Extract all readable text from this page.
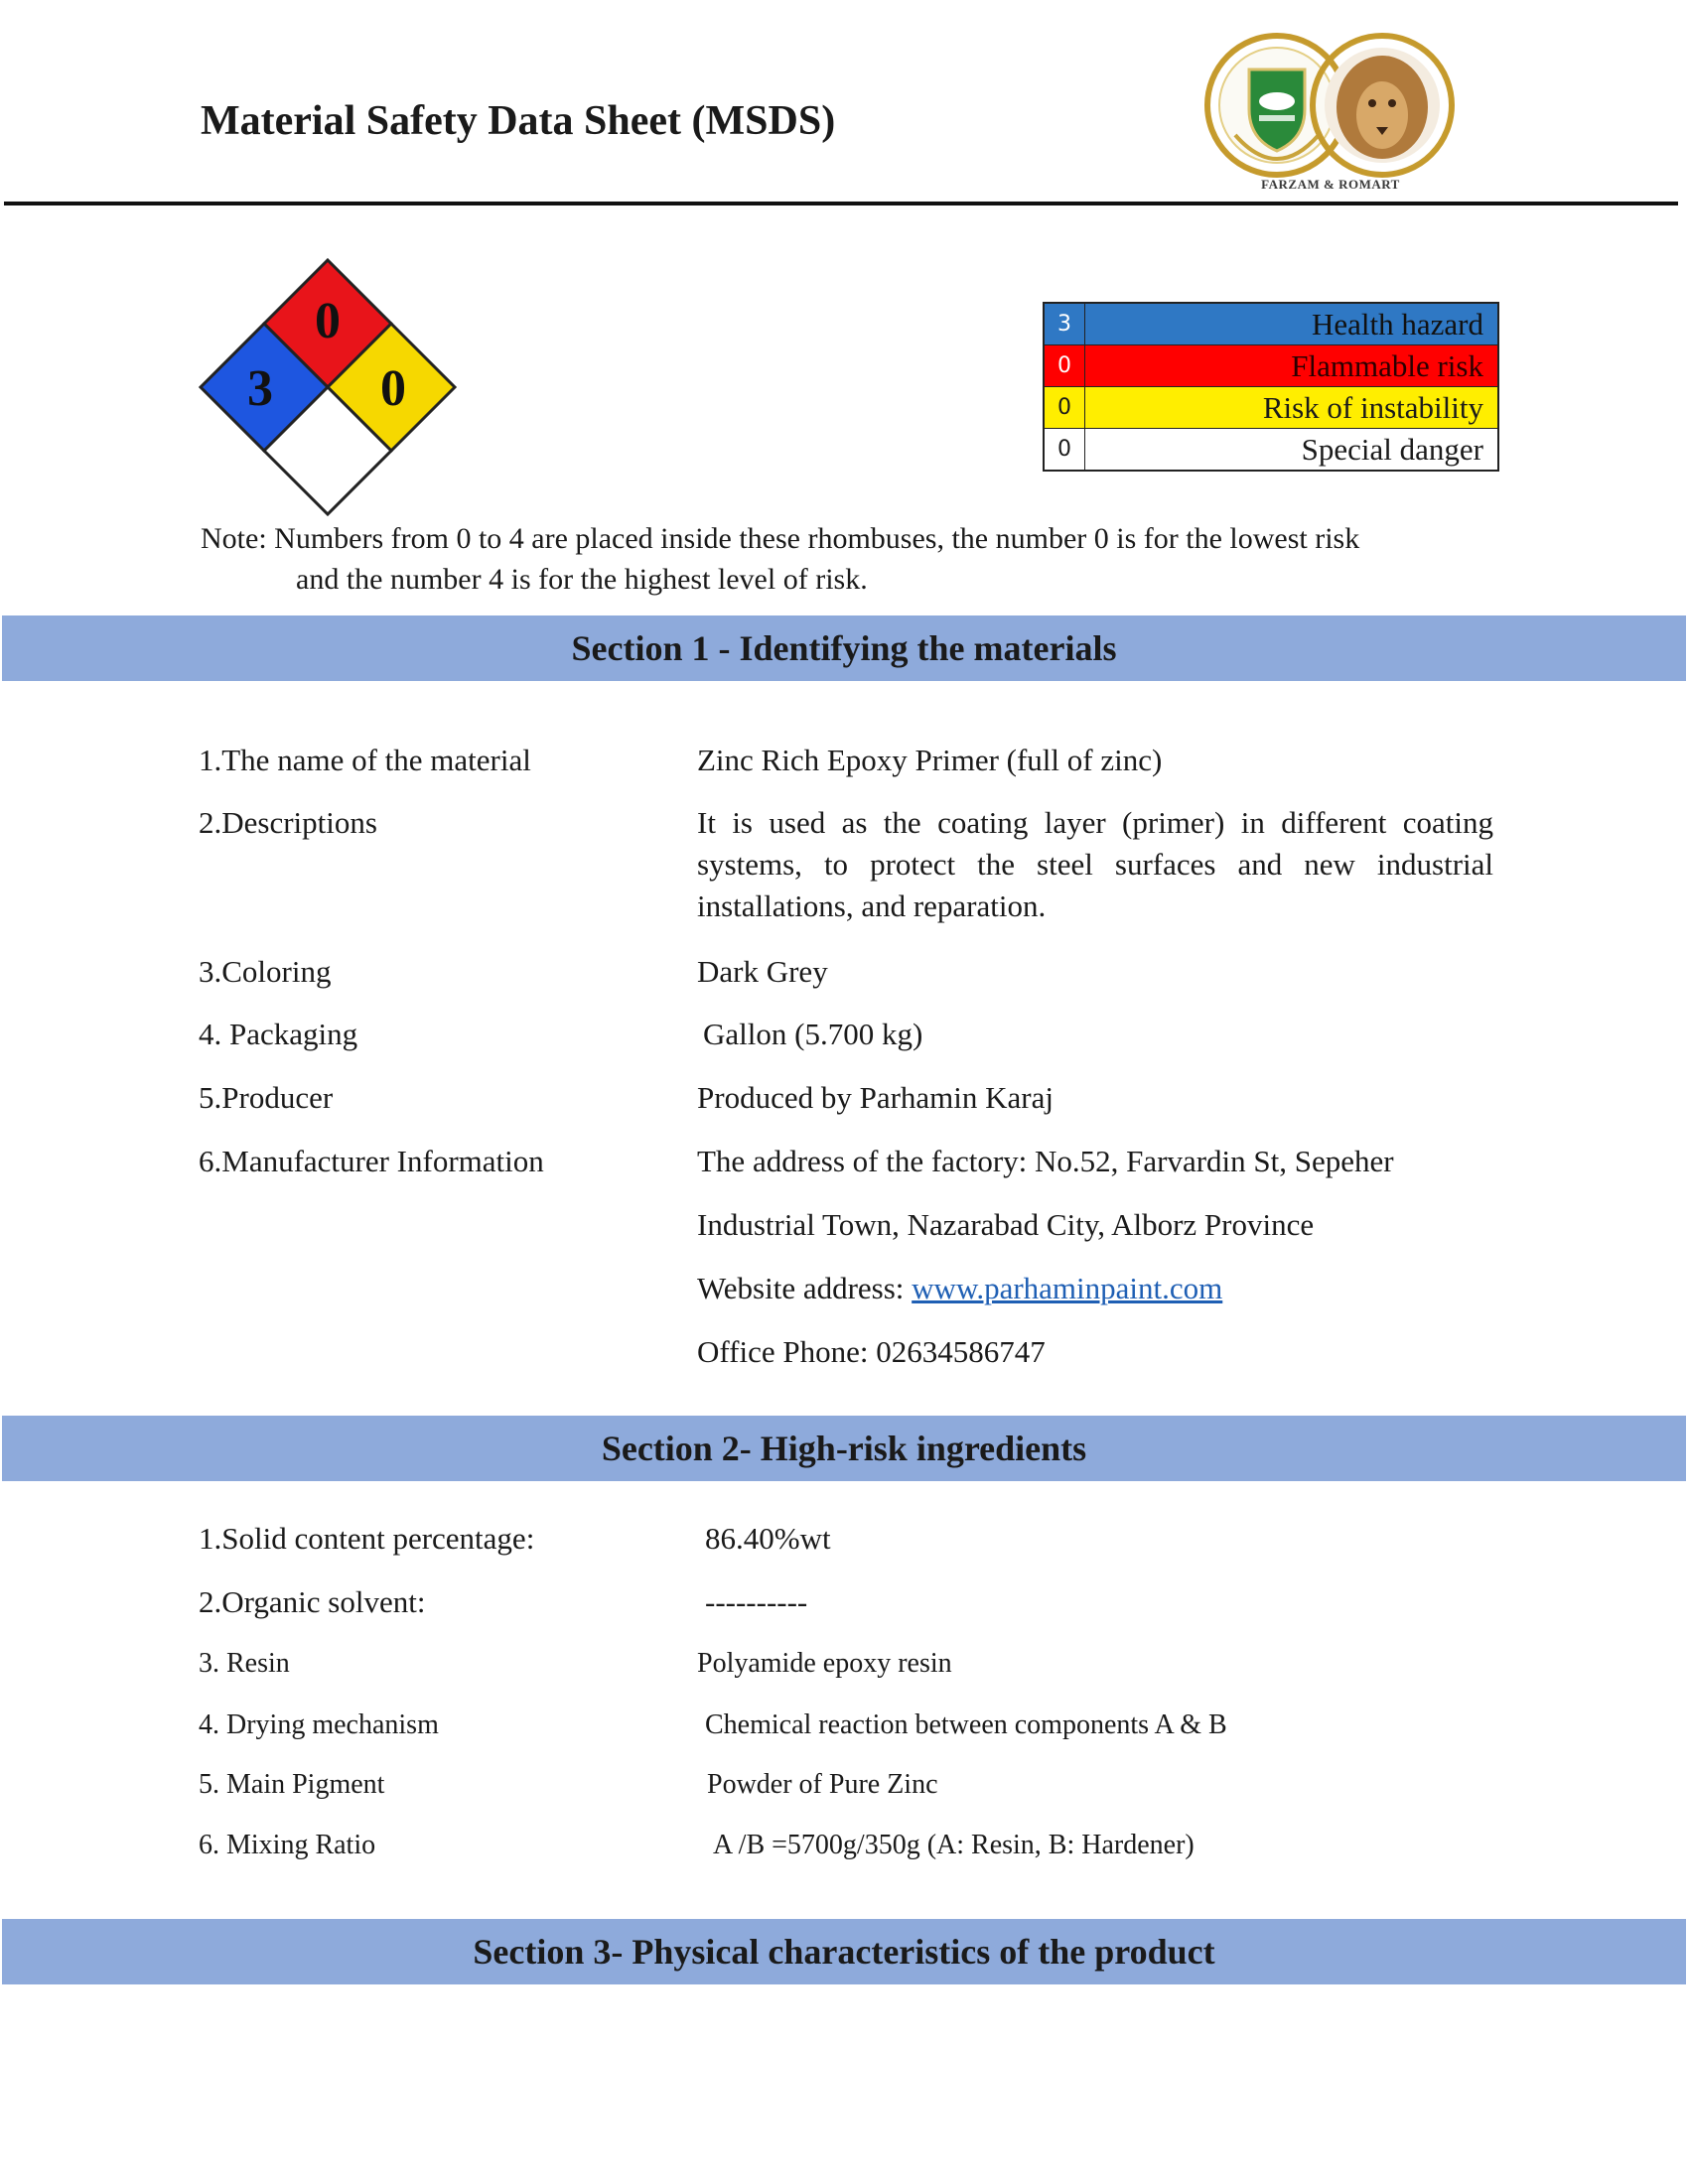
Material Safety Data Sheet (MSDS)
FARZAM & ROMART
0
3 0
3	Health hazard
0	Flammable risk
0	Risk of instability
0	Special danger
Note: Numbers from 0 to 4 are placed inside these rhombuses, the number 0 is for the lowest risk
and the number 4 is for the highest level of risk.
Section 1 - Identifying the materials
1.The name of the material	Zinc Rich Epoxy Primer (full of zinc)
2.Descriptions	It is used as the coating layer (primer) in different coating systems, to protect the steel surfaces and new industrial installations, and reparation.
3.Coloring	Dark Grey
4. Packaging	Gallon (5.700 kg)
5.Producer	Produced by Parhamin Karaj
6.Manufacturer Information	The address of the factory: No.52, Farvardin St, Sepeher
Industrial Town, Nazarabad City, Alborz Province
Website address: www.parhaminpaint.com
Office Phone: 02634586747
Section 2- High-risk ingredients
1.Solid content percentage:	86.40%wt
2.Organic solvent:	----------
3. Resin	Polyamide epoxy resin
4. Drying mechanism	Chemical reaction between components A & B
5. Main Pigment	Powder of Pure Zinc
6. Mixing Ratio	A /B =5700g/350g (A: Resin, B: Hardener)
Section 3- Physical characteristics of the product
